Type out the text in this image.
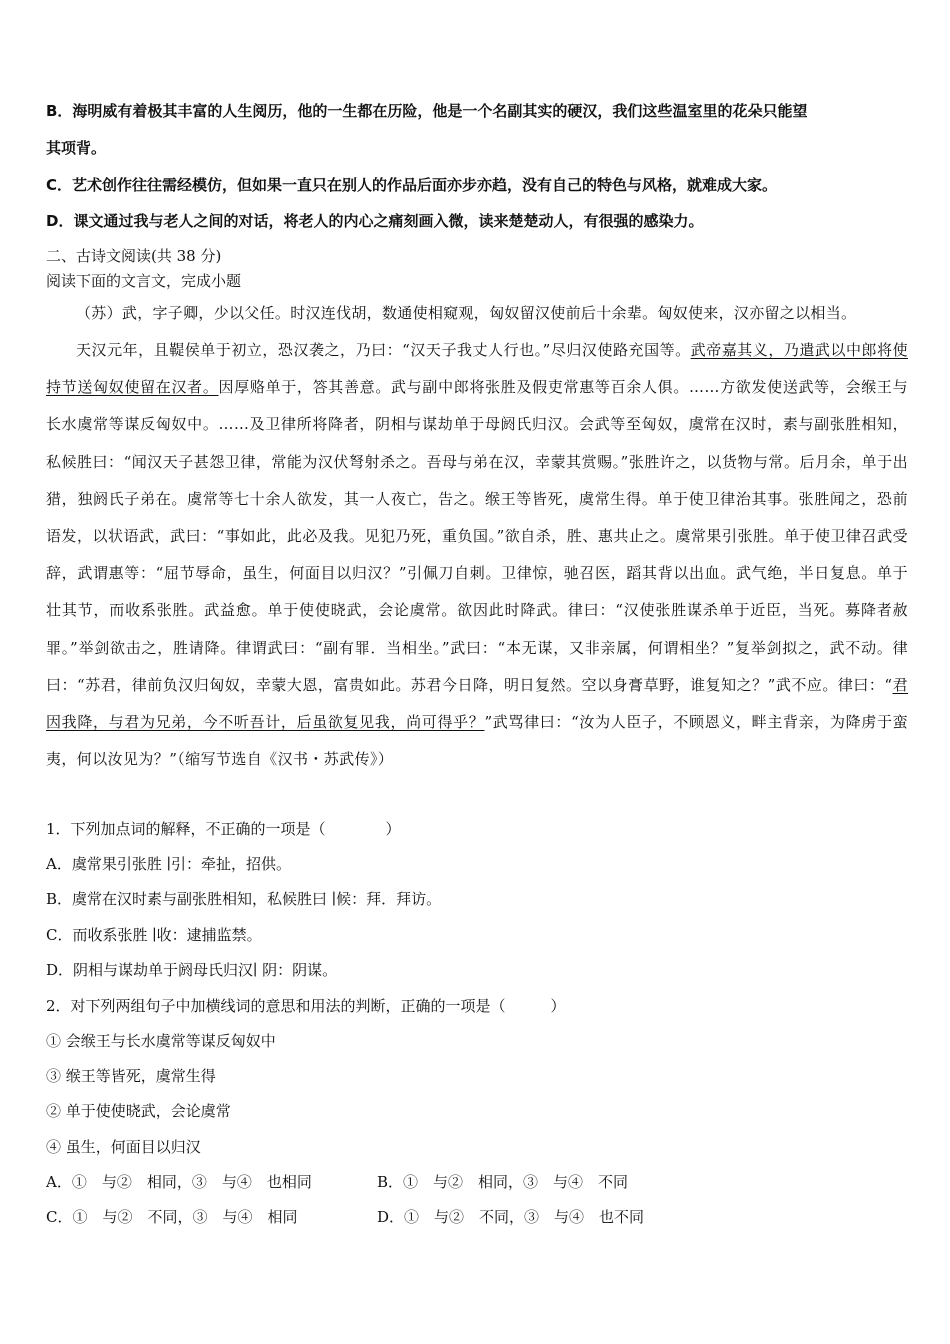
B．海明威有着极其丰富的人生阅历，他的一生都在历险，他是一个名副其实的硬汉，我们这些温室里的花朵只能望
其项背。
C．艺术创作往往需经模仿，但如果一直只在别人的作品后面亦步亦趋，没有自己的特色与风格，就难成大家。
D．课文通过我与老人之间的对话，将老人的内心之痛刻画入微，读来楚楚动人，有很强的感染力。
二、古诗文阅读(共 38 分)
阅读下面的文言文，完成小题
（苏）武，字子卿，少以父任。时汉连伐胡，数通使相窥观，匈奴留汉使前后十余辈。匈奴使来，汉亦留之以相当。
天汉元年，且鞮侯单于初立，恐汉袭之，乃曰：“汉天子我丈人行也。”尽归汉使路充国等。武帝嘉其义，乃遣武以中郎将使持节送匈奴使留在汉者。因厚赂单于，答其善意。武与副中郎将张胜及假吏常惠等百余人俱。……方欲发使送武等，会缑王与长水虞常等谋反匈奴中。……及卫律所将降者，阴相与谋劫单于母阏氏归汉。会武等至匈奴，虞常在汉时，素与副张胜相知，私候胜曰：“闻汉天子甚怨卫律，常能为汉伏弩射杀之。吾母与弟在汉，幸蒙其赏赐。”张胜许之，以货物与常。后月余，单于出猎，独阏氏子弟在。虞常等七十余人欲发，其一人夜亡，告之。缑王等皆死，虞常生得。单于使卫律治其事。张胜闻之，恐前语发，以状语武，武曰：“事如此，此必及我。见犯乃死，重负国。”欲自杀，胜、惠共止之。虞常果引张胜。单于使卫律召武受辞，武谓惠等：“屈节辱命，虽生，何面目以归汉？”引佩刀自刺。卫律惊，驰召医，蹈其背以出血。武气绝，半日复息。单于壮其节，而收系张胜。武益愈。单于使使晓武，会论虞常。欲因此时降武。律曰：“汉使张胜谋杀单于近臣，当死。募降者赦罪。”举剑欲击之，胜请降。律谓武曰：“副有罪．当相坐。”武曰：“本无谋，又非亲属，何谓相坐？”复举剑拟之，武不动。律曰：“苏君，律前负汉归匈奴，幸蒙大恩，富贵如此。苏君今日降，明日复然。空以身膏草野，谁复知之？”武不应。律曰：“君因我降，与君为兄弟，今不听吾计，后虽欲复见我，尚可得乎？”武骂律曰：“汝为人臣子，不顾恩义，畔主背亲，为降虏于蛮夷，何以汝见为？”（缩写节选自《汉书・苏武传》）
1．下列加点词的解释，不正确的一项是（　　　　）
A．虞常果引张胜 ∣引：牵扯，招供。
B．虞常在汉时素与副张胜相知，私候胜曰 ∣候：拜．拜访。
C．而收系张胜 ∣收：逮捕监禁。
D．阴相与谋劫单于阏母氏归汉∣ 阴：阴谋。
2．对下列两组句子中加横线词的意思和用法的判断，正确的一项是（　　　）
① 会缑王与长水虞常等谋反匈奴中
③ 缑王等皆死，虞常生得
② 单于使使晓武，会论虞常
④ 虽生，何面目以归汉
A．①　与②　相同，③　与④　也相同	B．①　与②　相同，③　与④　不同
C．①　与②　不同，③　与④　相同	D．①　与②　不同，③　与④　也不同
